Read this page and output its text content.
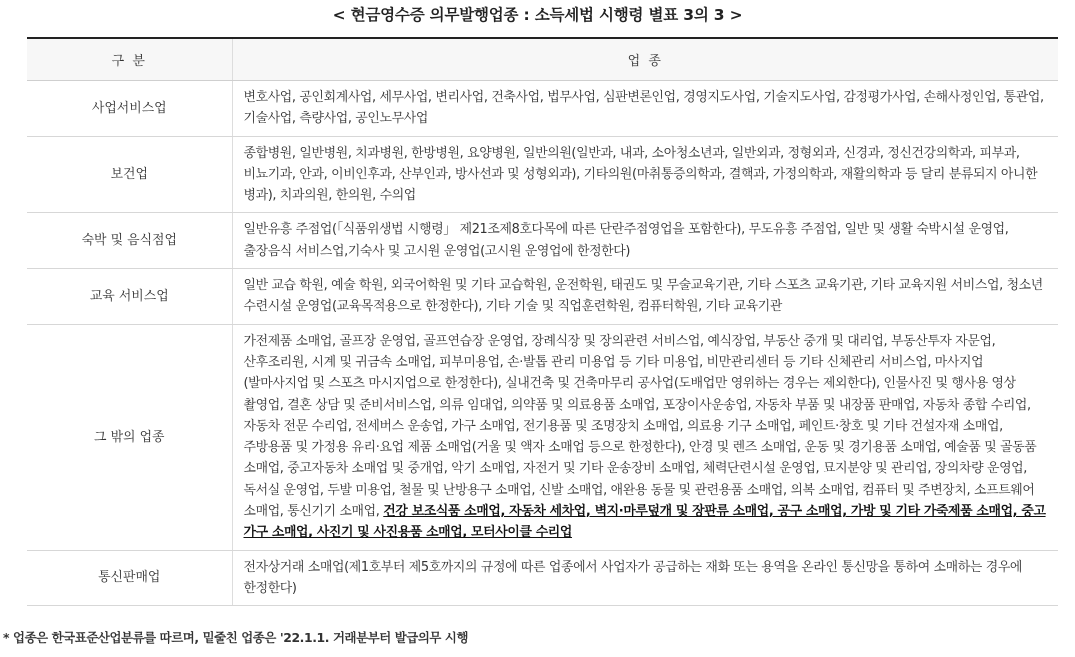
< 현금영수증 의무발행업종 : 소득세법 시행령 별표 3의 3 >
구 분	업 종
사업서비스업	변호사업, 공인회계사업, 세무사업, 변리사업, 건축사업, 법무사업, 심판변론인업, 경영지도사업, 기술지도사업, 감정평가사업, 손해사정인업, 통관업, 기술사업, 측량사업, 공인노무사업
보건업	종합병원, 일반병원, 치과병원, 한방병원, 요양병원, 일반의원(일반과, 내과, 소아청소년과, 일반외과, 정형외과, 신경과, 정신건강의학과, 피부과, 비뇨기과, 안과, 이비인후과, 산부인과, 방사선과 및 성형외과), 기타의원(마취통증의학과, 결핵과, 가정의학과, 재활의학과 등 달리 분류되지 아니한 병과), 치과의원, 한의원, 수의업
숙박 및 음식점업	일반유흥 주점업(「식품위생법 시행령」 제21조제8호다목에 따른 단란주점영업을 포함한다), 무도유흥 주점업, 일반 및 생활 숙박시설 운영업, 출장음식 서비스업,기숙사 및 고시원 운영업(고시원 운영업에 한정한다)
교육 서비스업	일반 교습 학원, 예술 학원, 외국어학원 및 기타 교습학원, 운전학원, 태권도 및 무술교육기관, 기타 스포츠 교육기관, 기타 교육지원 서비스업, 청소년 수련시설 운영업(교육목적용으로 한정한다), 기타 기술 및 직업훈련학원, 컴퓨터학원, 기타 교육기관
그 밖의 업종	가전제품 소매업, 골프장 운영업, 골프연습장 운영업, 장례식장 및 장의관련 서비스업, 예식장업, 부동산 중개 및 대리업, 부동산투자 자문업, 산후조리원, 시계 및 귀금속 소매업, 피부미용업, 손·발톱 관리 미용업 등 기타 미용업, 비만관리센터 등 기타 신체관리 서비스업, 마사지업(발마사지업 및 스포츠 마시지업으로 한정한다), 실내건축 및 건축마무리 공사업(도배업만 영위하는 경우는 제외한다), 인물사진 및 행사용 영상 촬영업, 결혼 상담 및 준비서비스업, 의류 임대업, 의약품 및 의료용품 소매업, 포장이사운송업, 자동차 부품 및 내장품 판매업, 자동차 종합 수리업, 자동차 전문 수리업, 전세버스 운송업, 가구 소매업, 전기용품 및 조명장치 소매업, 의료용 기구 소매업, 페인트·창호 및 기타 건설자재 소매업, 주방용품 및 가정용 유리·요업 제품 소매업(거울 및 액자 소매업 등으로 한정한다), 안경 및 렌즈 소매업, 운동 및 경기용품 소매업, 예술품 및 골동품 소매업, 중고자동차 소매업 및 중개업, 악기 소매업, 자전거 및 기타 운송장비 소매업, 체력단련시설 운영업, 묘지분양 및 관리업, 장의차량 운영업, 독서실 운영업, 두발 미용업, 철물 및 난방용구 소매업, 신발 소매업, 애완용 동물 및 관련용품 소매업, 의복 소매업, 컴퓨터 및 주변장치, 소프트웨어 소매업, 통신기기 소매업, 건강 보조식품 소매업, 자동차 세차업, 벽지·마루덮개 및 장판류 소매업, 공구 소매업, 가방 및 기타 가죽제품 소매업, 중고 가구 소매업, 사진기 및 사진용품 소매업, 모터사이클 수리업
통신판매업	전자상거래 소매업(제1호부터 제5호까지의 규정에 따른 업종에서 사업자가 공급하는 재화 또는 용역을 온라인 통신망을 통하여 소매하는 경우에 한정한다)
* 업종은 한국표준산업분류를 따르며, 밑줄친 업종은 '22.1.1. 거래분부터 발급의무 시행
